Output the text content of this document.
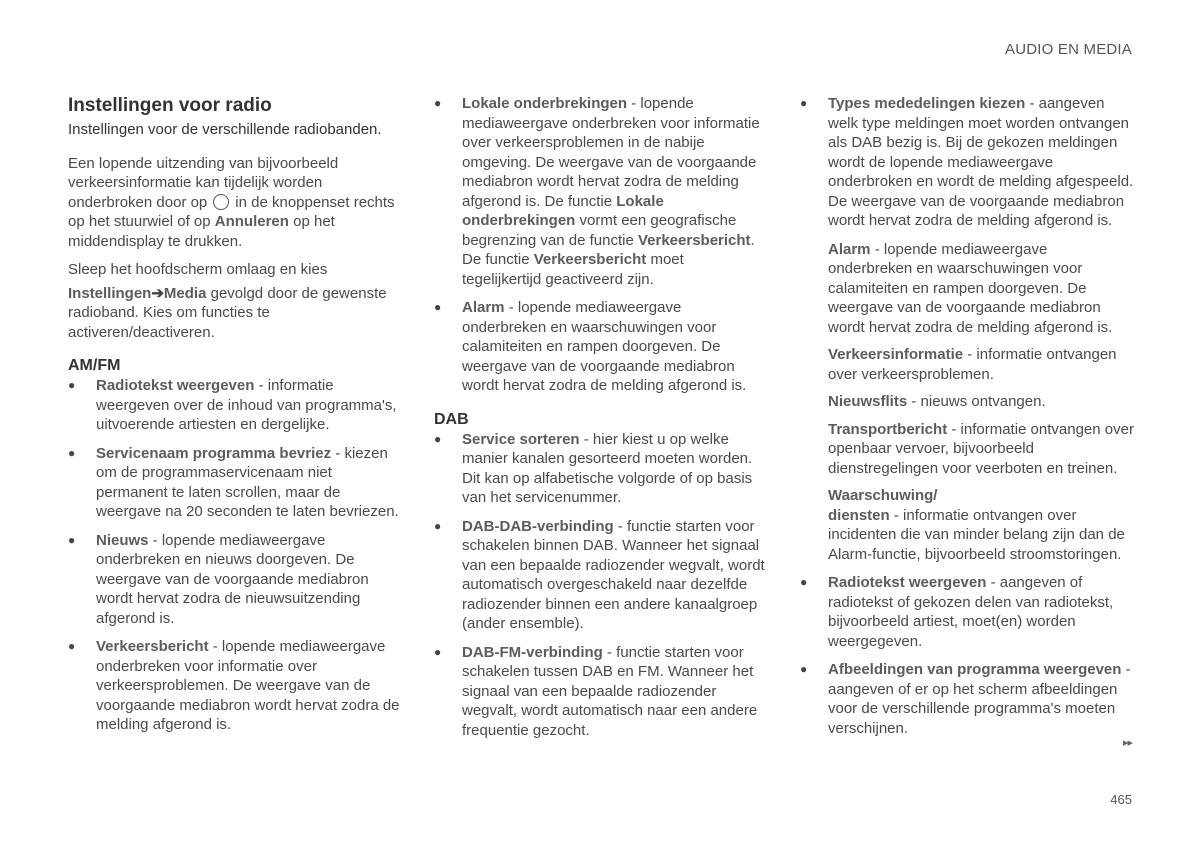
AUDIO EN MEDIA
Instellingen voor radio

Instellingen voor de verschillende radiobanden.

Een lopende uitzending van bijvoorbeeld verkeersinformatie kan tijdelijk worden onderbroken door op in de knoppenset rechts op het stuurwiel of op Annuleren op het middendisplay te drukken.

Sleep het hoofdscherm omlaag en kies

Instellingen➔Media gevolgd door de gewenste radioband. Kies om functies te activeren/deactiveren.

AM/FM
● Radiotekst weergeven - informatie weergeven over de inhoud van programma's, uitvoerende artiesten en dergelijke.
● Servicenaam programma bevriez - kiezen om de programmaservicenaam niet permanent te laten scrollen, maar de weergave na 20 seconden te laten bevriezen.
● Nieuws - lopende mediaweergave onderbreken en nieuws doorgeven. De weergave van de voorgaande mediabron wordt hervat zodra de nieuwsuitzending afgerond is.
● Verkeersbericht - lopende mediaweergave onderbreken voor informatie over verkeersproblemen. De weergave van de voorgaande mediabron wordt hervat zodra de melding afgerond is.
● Lokale onderbrekingen - lopende mediaweergave onderbreken voor informatie over verkeersproblemen in de nabije omgeving. De weergave van de voorgaande mediabron wordt hervat zodra de melding afgerond is. De functie Lokale onderbrekingen vormt een geografische begrenzing van de functie Verkeersbericht. De functie Verkeersbericht moet tegelijkertijd geactiveerd zijn.
● Alarm - lopende mediaweergave onderbreken en waarschuwingen voor calamiteiten en rampen doorgeven. De weergave van de voorgaande mediabron wordt hervat zodra de melding afgerond is.
DAB
● Service sorteren - hier kiest u op welke manier kanalen gesorteerd moeten worden. Dit kan op alfabetische volgorde of op basis van het servicenummer.
● DAB-DAB-verbinding - functie starten voor schakelen binnen DAB. Wanneer het signaal van een bepaalde radiozender wegvalt, wordt automatisch overgeschakeld naar dezelfde radiozender binnen een andere kanaalgroep (ander ensemble).
● DAB-FM-verbinding - functie starten voor schakelen tussen DAB en FM. Wanneer het signaal van een bepaalde radiozender wegvalt, wordt automatisch naar een andere frequentie gezocht.
● Types mededelingen kiezen - aangeven welk type meldingen moet worden ontvangen als DAB bezig is. Bij de gekozen meldingen wordt de lopende mediaweergave onderbroken en wordt de melding afgespeeld. De weergave van de voorgaande mediabron wordt hervat zodra de melding afgerond is.

Alarm - lopende mediaweergave onderbreken en waarschuwingen voor calamiteiten en rampen doorgeven. De weergave van de voorgaande mediabron wordt hervat zodra de melding afgerond is.

Verkeersinformatie - informatie ontvangen over verkeersproblemen.

Nieuwsflits - nieuws ontvangen.

Transportbericht - informatie ontvangen over openbaar vervoer, bijvoorbeeld dienstregelingen voor veerboten en treinen.

Waarschuwing/
diensten - informatie ontvangen over incidenten die van minder belang zijn dan de Alarm-functie, bijvoorbeeld stroomstoringen.

● Radiotekst weergeven - aangeven of radiotekst of gekozen delen van radiotekst, bijvoorbeeld artiest, moet(en) worden weergegeven.
● Afbeeldingen van programma weergeven - aangeven of er op het scherm afbeeldingen voor de verschillende programma's moeten verschijnen.
▸▸
465
